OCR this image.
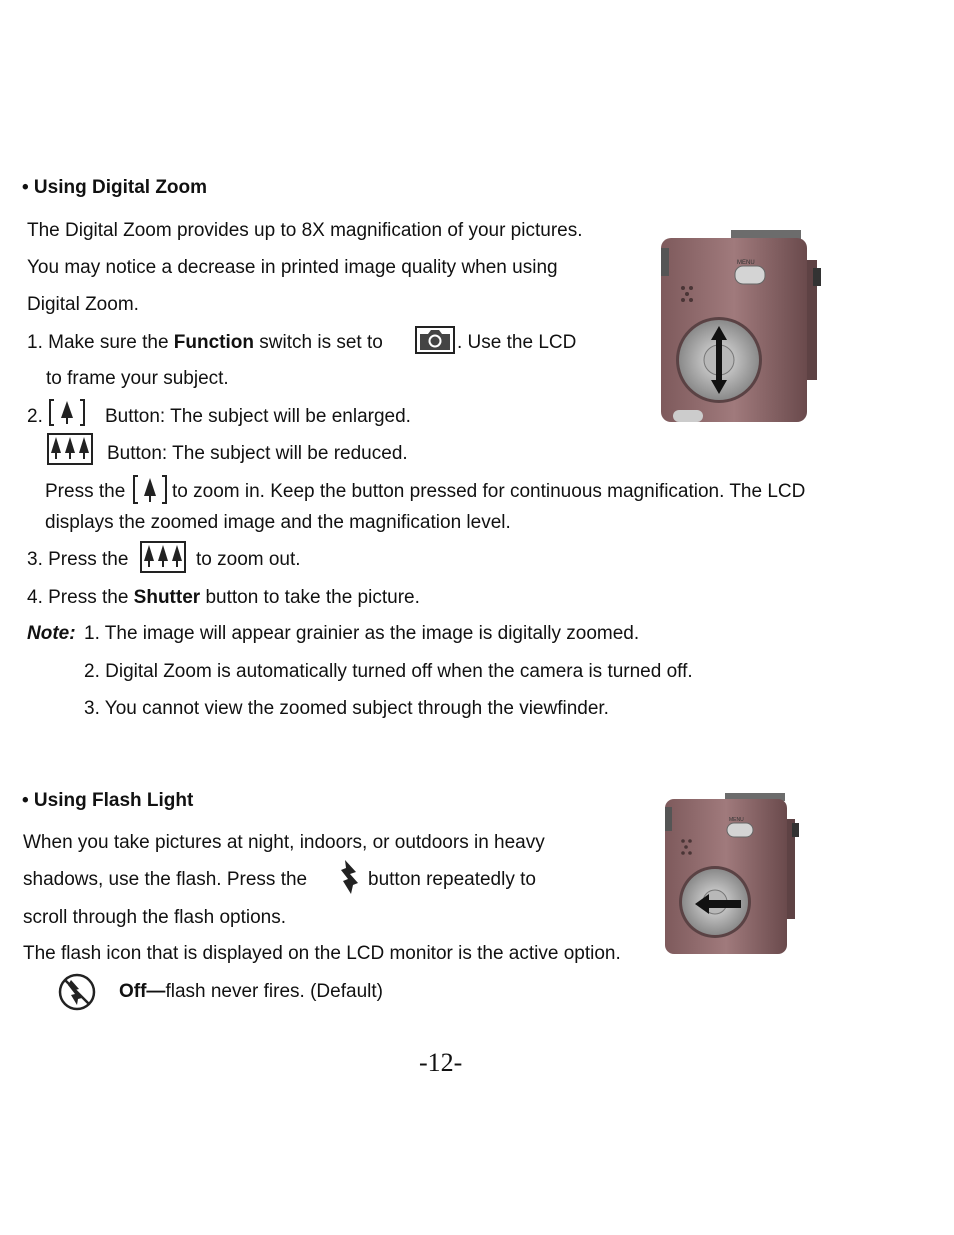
• Using Digital Zoom
The Digital Zoom provides up to 8X magnification of your pictures.
You may notice a decrease in printed image quality when using
Digital Zoom.
1. Make sure the Function switch is set to	. Use the LCD
to frame your subject.
2.	Button: The subject will be enlarged.
Button: The subject will be reduced.
Press the to zoom in. Keep the button pressed for continuous magnification. The LCD
displays the zoomed image and the magnification level.
3. Press the	to zoom out.
4. Press the Shutter button to take the picture.
Note: 1. The image will appear grainier as the image is digitally zoomed.
2. Digital Zoom is automatically turned off when the camera is turned off.
3. You cannot view the zoomed subject through the viewfinder.
MENU
• Using Flash Light
When you take pictures at night, indoors, or outdoors in heavy
shadows, use the flash. Press the	button repeatedly to
scroll through the flash options.
The flash icon that is displayed on the LCD monitor is the active option.
Off—flash never fires. (Default)
MENU
-12-
